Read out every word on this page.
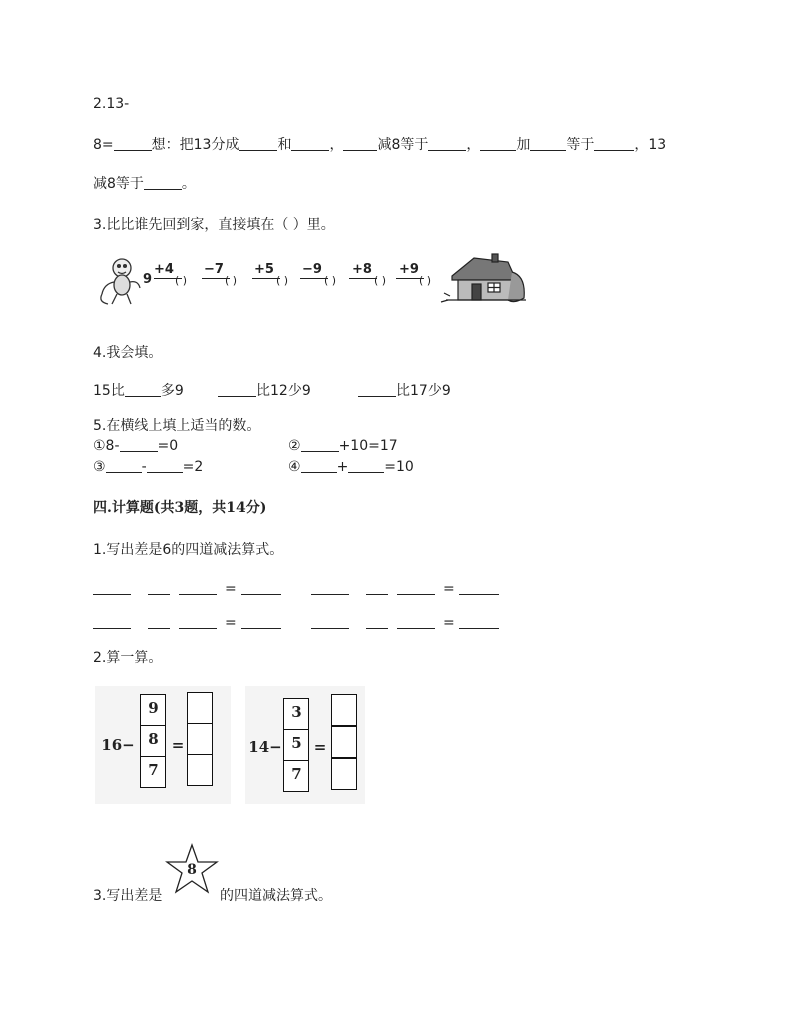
2.13-
8=	想：把13分成	和	， 减8等于	，	加	等于	，13
减8等于	。
3.比比谁先回到家，直接填在（ ）里。
9
+4
( )
−7
( )
+5
( )
−9
( )
+8
( )
+9
( )
4.我会填。
15比	多9	比12少9	比17少9
5.在横线上填上适当的数。
①8-	=0	②	+10=17
③	-	=2	④	+	=10
四.计算题(共3题，共14分)
1.写出差是6的四道减法算式。
=	=
=	=
2.算一算。
16−
9
8
7
=	14−
3
5
7
=
3.写出差是
8
的四道减法算式。
